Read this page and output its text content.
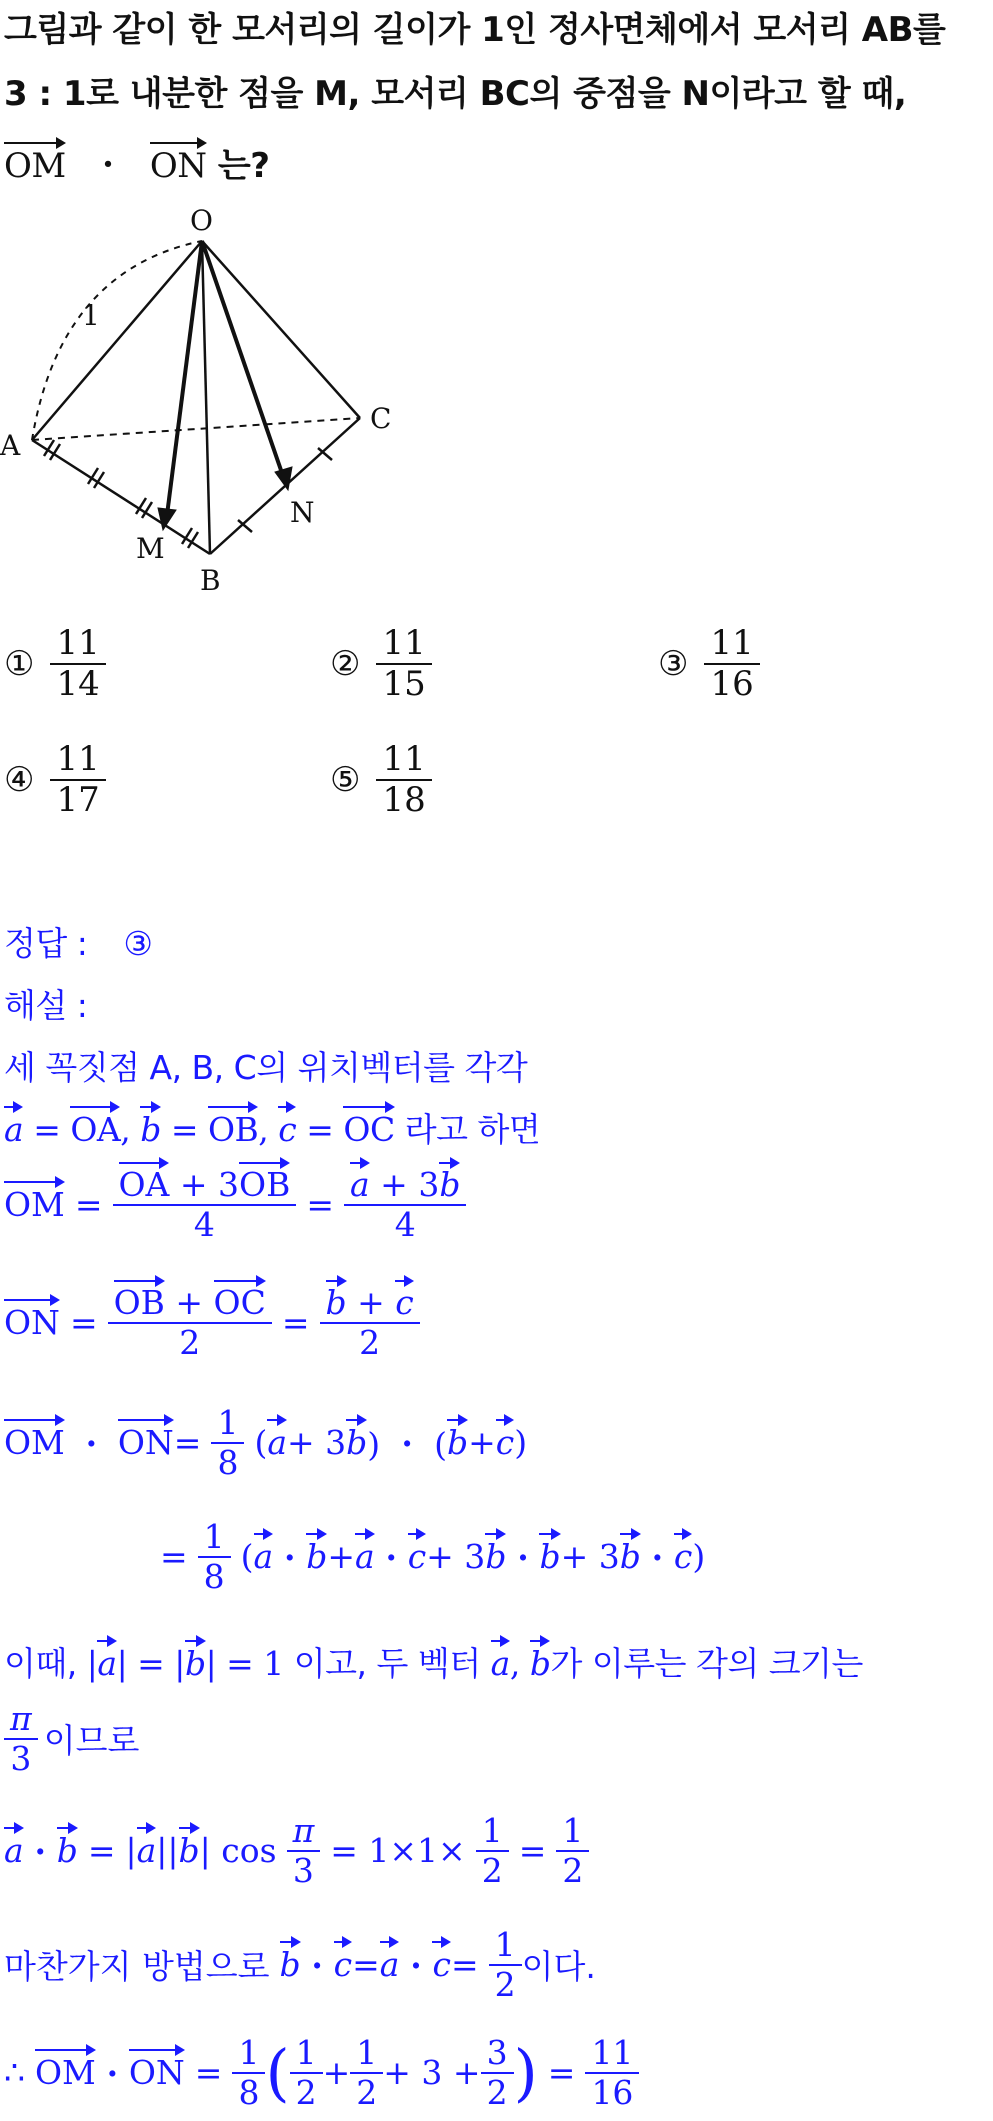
그림과 같이 한 모서리의 길이가 1인 정사면체에서 모서리 AB를
3 : 1로 내분한 점을 M, 모서리 BC의 중점을 N이라고 할 때,
OM ・ ON 는?
O
A
B
C
M
N
1
① $\frac{11}{14}$	② $\frac{11}{15}$	③ $\frac{11}{16}$
④ $\frac{11}{17}$	⑤ $\frac{11}{18}$
정답 : ③
해설 :
세 꼭짓점 A, B, C의 위치벡터를 각각
a = OA, b = OB, c = OC 라고 하면
OM = $\frac{OA + 3OB}{4} = \frac{a + 3b}{4}$
ON = $\frac{OB + OC}{2} = \frac{b + c}{2}$
OM ・ ON = $\frac{1}{8}$ ( a + 3 b ) ・ ( b + c )
= $\frac{1}{8}$ ( a ・ b + a ・ c + 3 b ・ b + 3 b ・ c )
이때, |a| = |b| = 1 이고, 두 벡터 a, b가 이루는 각의 크기는
$\frac{\pi}{3}$ 이므로
a ・ b = | a || b | $\cos \frac{\pi}{3} = 1\times 1\times \frac{1}{2} = \frac{1}{2}$
마찬가지 방법으로 b ・ c = a ・ $c = \frac{1}{2}$ 이다.
∴ OM ・ ON = $\frac{1}{8}$ ( $\frac{1}{2} + \frac{1}{2} + 3 + \frac{3}{2}$ ) = $\frac{11}{16}$
